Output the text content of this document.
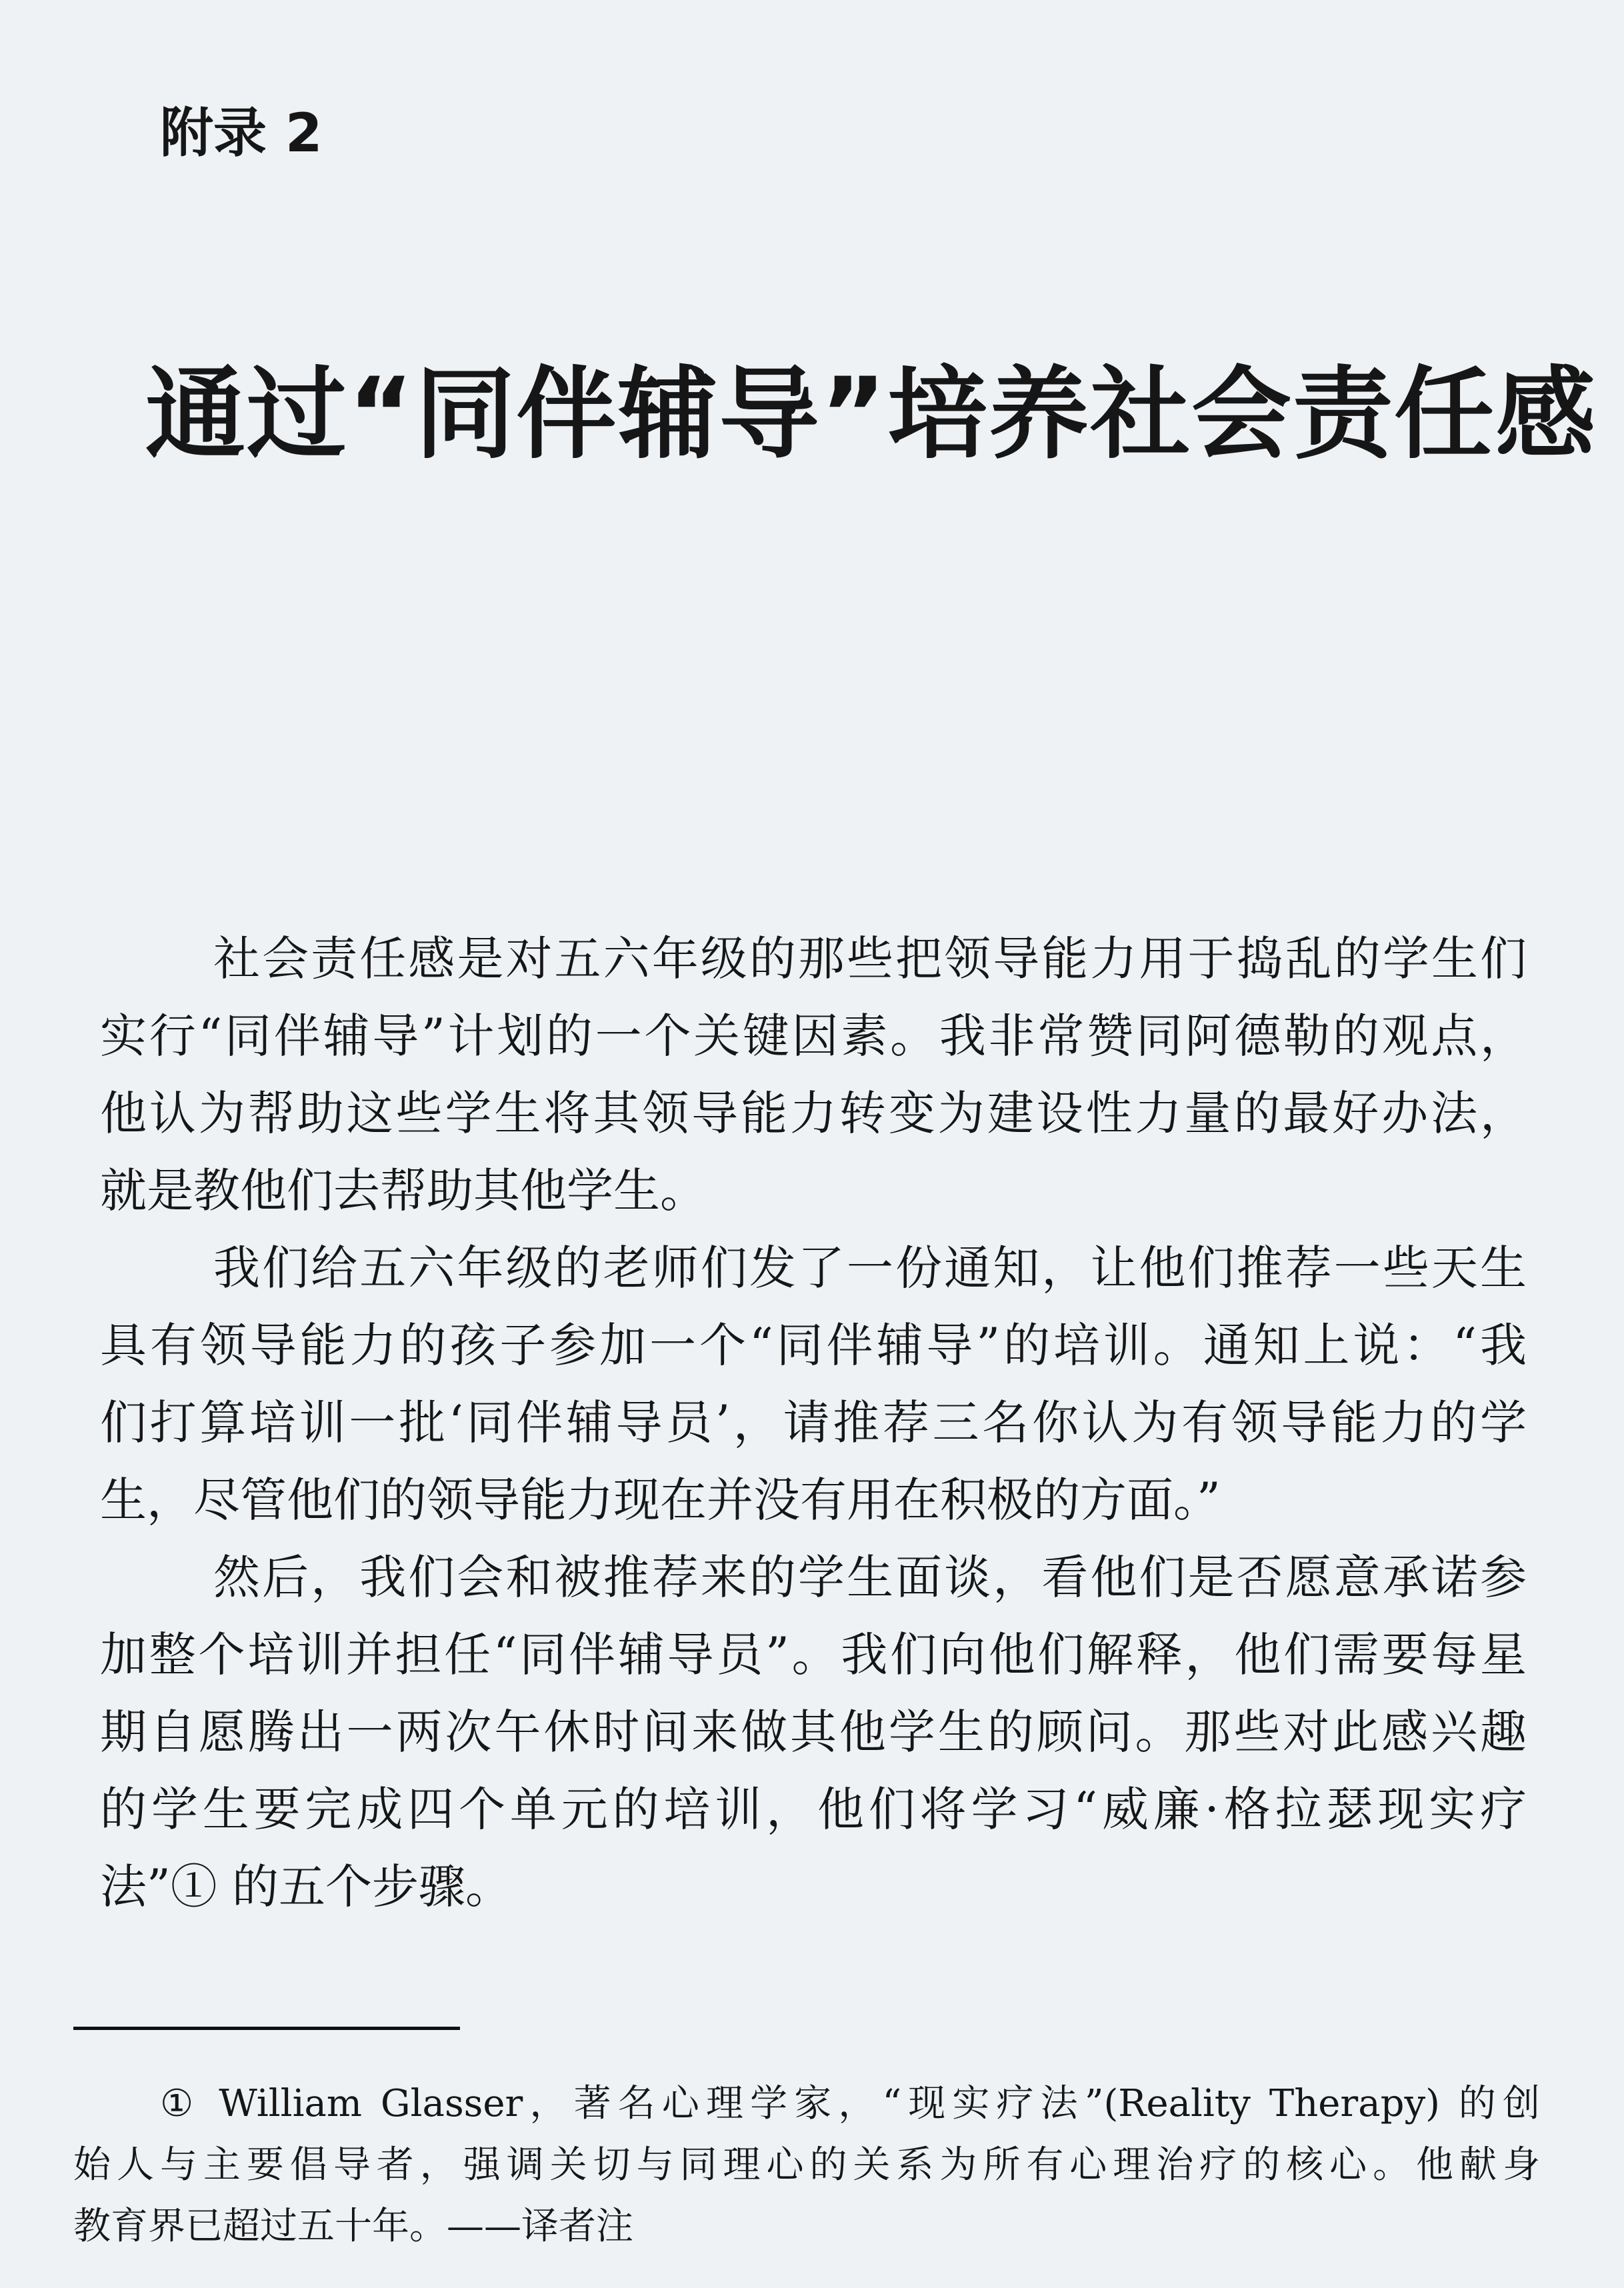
附录 2
通过“同伴辅导”培养社会责任感
社会责任感是对五六年级的那些把领导能力用于捣乱的学生们
实行“同伴辅导”计划的一个关键因素。我非常赞同阿德勒的观点，
他认为帮助这些学生将其领导能力转变为建设性力量的最好办法，
就是教他们去帮助其他学生。
我们给五六年级的老师们发了一份通知，让他们推荐一些天生
具有领导能力的孩子参加一个“同伴辅导”的培训。通知上说：“我
们打算培训一批‘同伴辅导员’，请推荐三名你认为有领导能力的学
生，尽管他们的领导能力现在并没有用在积极的方面。”
然后，我们会和被推荐来的学生面谈，看他们是否愿意承诺参
加整个培训并担任“同伴辅导员”。我们向他们解释，他们需要每星
期自愿腾出一两次午休时间来做其他学生的顾问。那些对此感兴趣
的学生要完成四个单元的培训，他们将学习“威廉·格拉瑟现实疗
法”① 的五个步骤。
① William Glasser，著名心理学家，“现实疗法”(Reality Therapy) 的创
始人与主要倡导者，强调关切与同理心的关系为所有心理治疗的核心。他献身
教育界已超过五十年。——译者注
